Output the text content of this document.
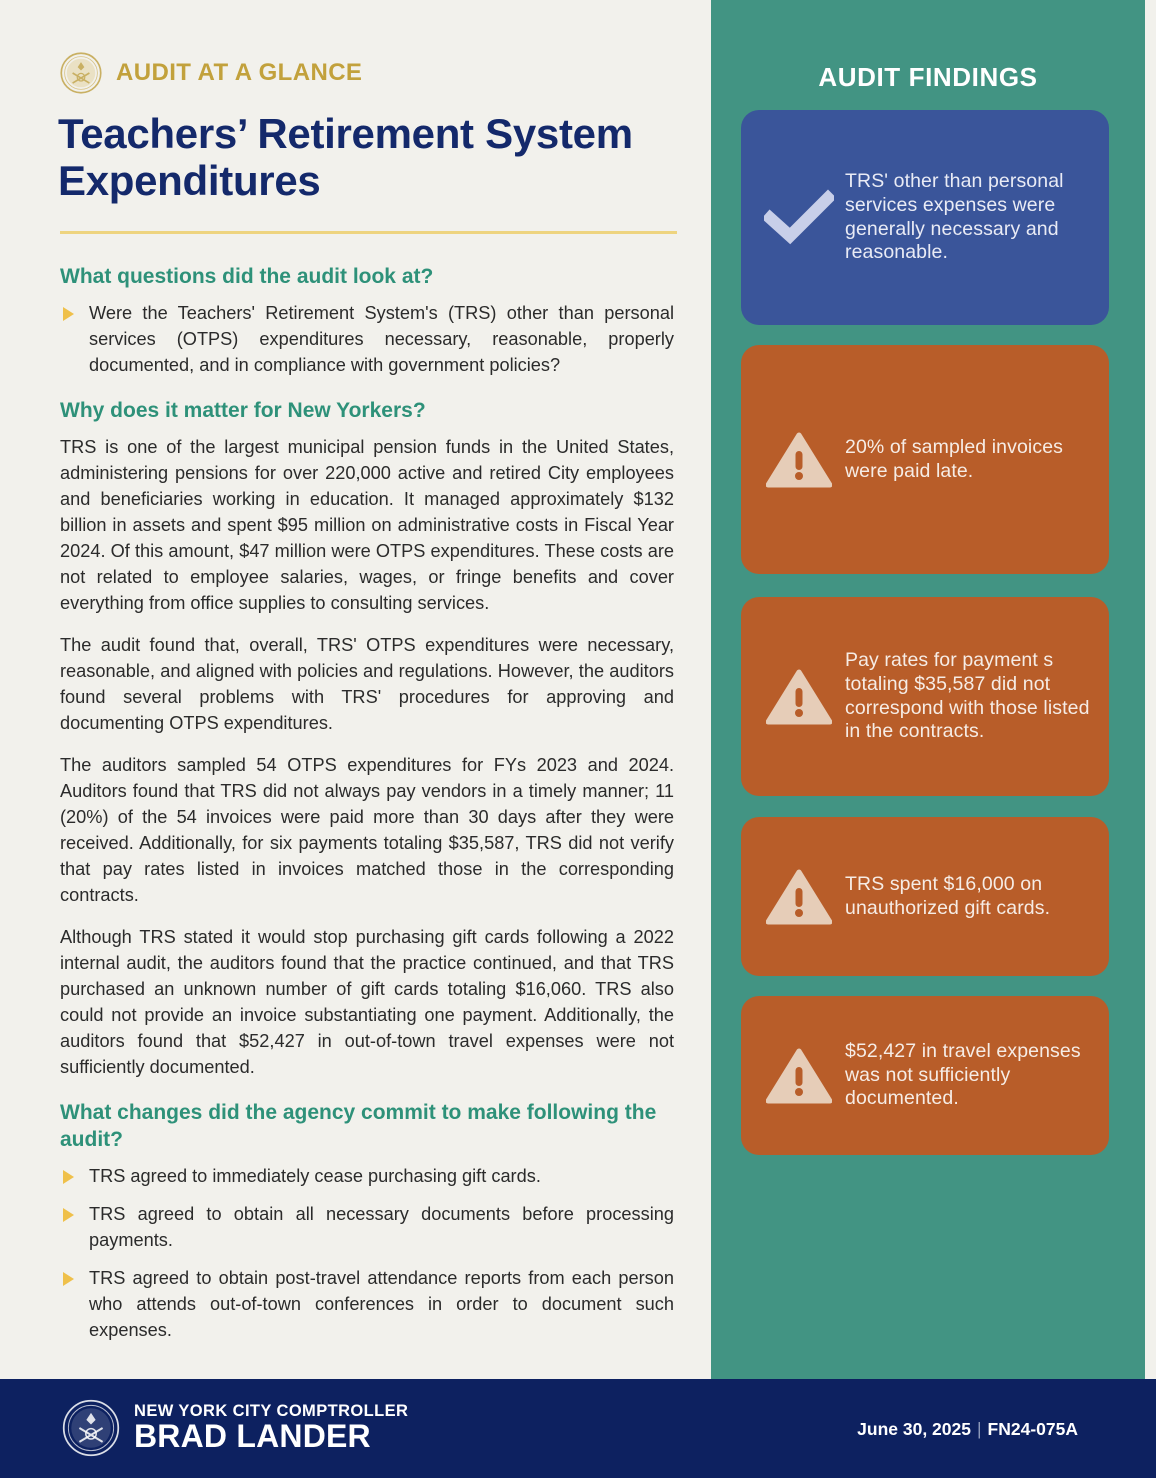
AUDIT AT A GLANCE
Teachers’ Retirement System Expenditures
What questions did the audit look at?
Were the Teachers' Retirement System's (TRS) other than personal services (OTPS) expenditures necessary, reasonable, properly documented, and in compliance with government policies?
Why does it matter for New Yorkers?

TRS is one of the largest municipal pension funds in the United States, administering pensions for over 220,000 active and retired City employees and beneficiaries working in education. It managed approximately $132 billion in assets and spent $95 million on administrative costs in Fiscal Year 2024. Of this amount, $47 million were OTPS expenditures. These costs are not related to employee salaries, wages, or fringe benefits and cover everything from office supplies to consulting services.

The audit found that, overall, TRS' OTPS expenditures were necessary, reasonable, and aligned with policies and regulations. However, the auditors found several problems with TRS' procedures for approving and documenting OTPS expenditures.

The auditors sampled 54 OTPS expenditures for FYs 2023 and 2024. Auditors found that TRS did not always pay vendors in a timely manner; 11 (20%) of the 54 invoices were paid more than 30 days after they were received. Additionally, for six payments totaling $35,587, TRS did not verify that pay rates listed in invoices matched those in the corresponding contracts.

Although TRS stated it would stop purchasing gift cards following a 2022 internal audit, the auditors found that the practice continued, and that TRS purchased an unknown number of gift cards totaling $16,060. TRS also could not provide an invoice substantiating one payment. Additionally, the auditors found that $52,427 in out-of-town travel expenses were not sufficiently documented.

What changes did the agency commit to make following the audit?
TRS agreed to immediately cease purchasing gift cards.
TRS agreed to obtain all necessary documents before processing payments.
TRS agreed to obtain post-travel attendance reports from each person who attends out-of-town conferences in order to document such expenses.
AUDIT FINDINGS
TRS' other than personal services expenses were generally necessary and reasonable.
20% of sampled invoices were paid late.
Pay rates for payment s totaling $35,587 did not correspond with those listed in the contracts.
TRS spent $16,000 on unauthorized gift cards.
$52,427 in travel expenses was not sufficiently documented.
NEW YORK CITY COMPTROLLER
BRAD LANDER	June 30, 2025 | FN24-075A
